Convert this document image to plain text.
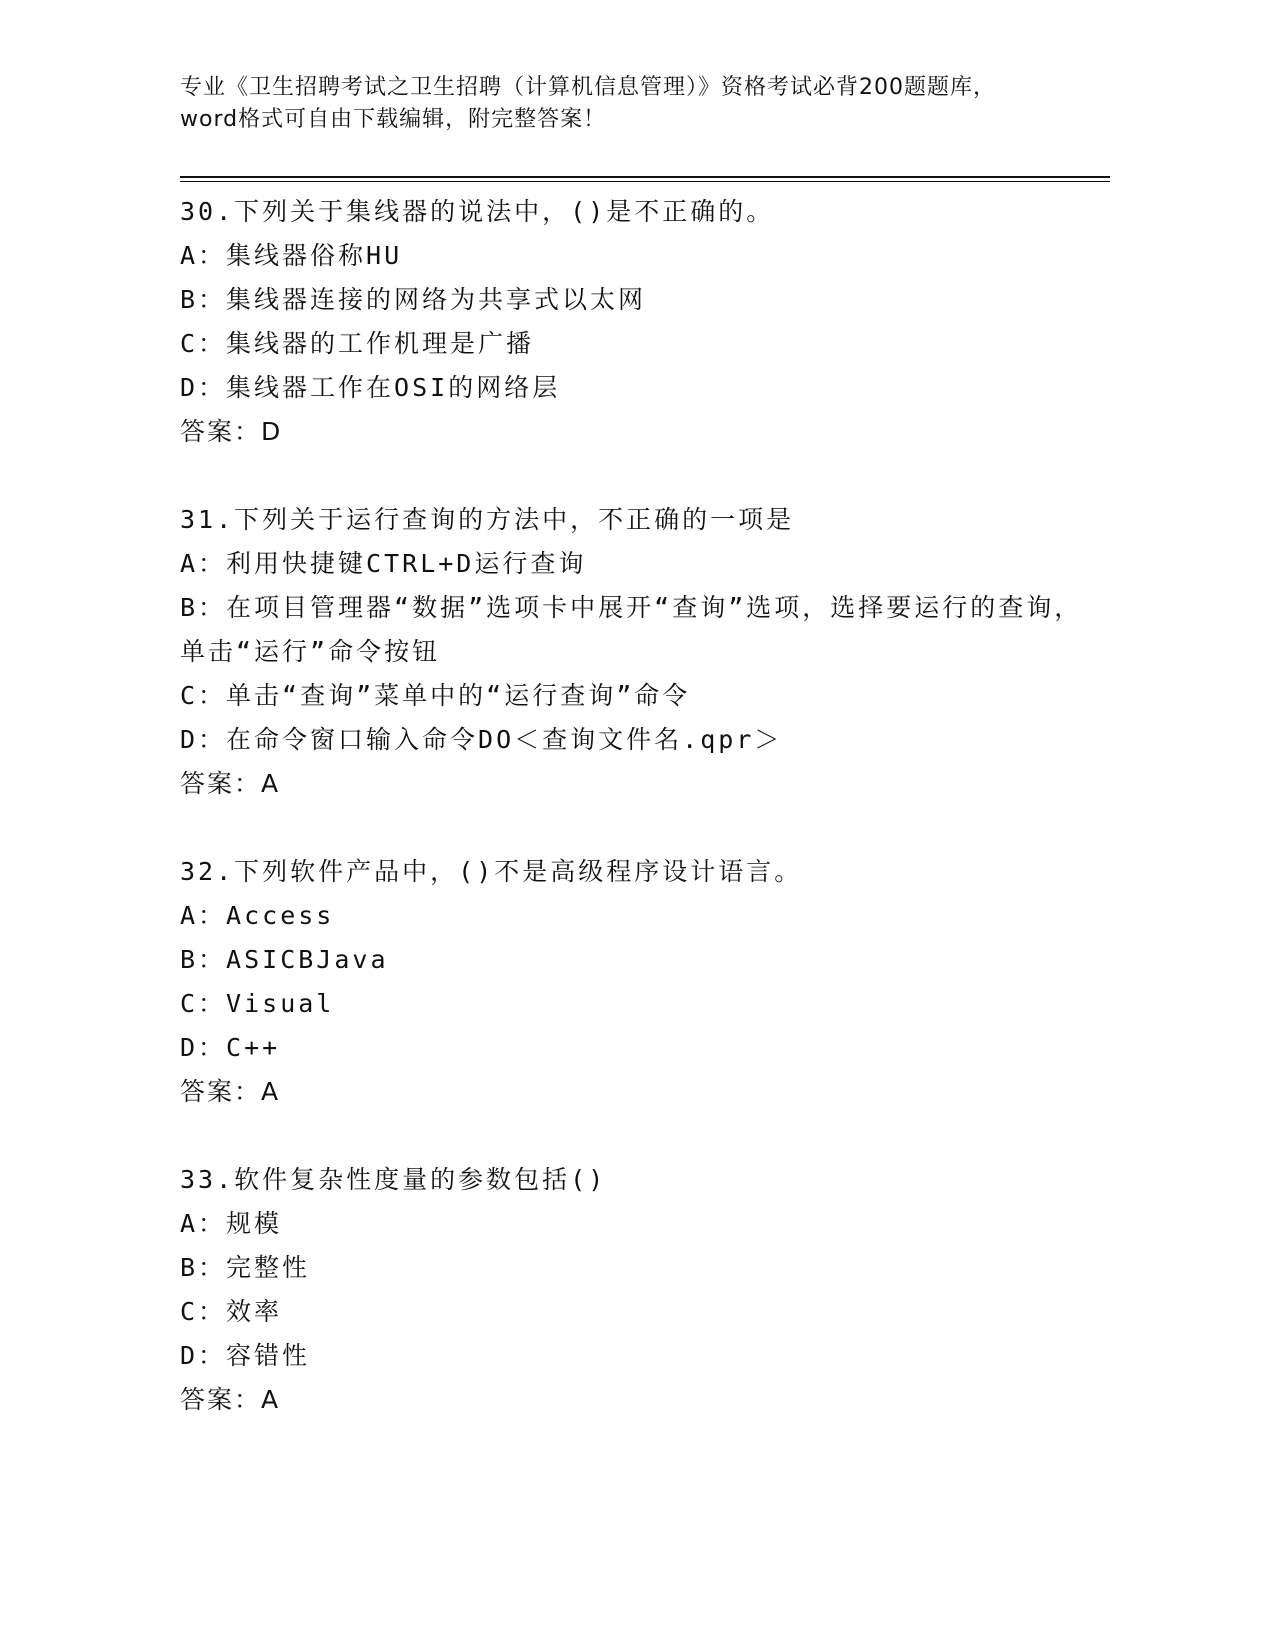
专业《卫生招聘考试之卫生招聘（计算机信息管理）》资格考试必背200题题库，

word格式可自由下载编辑，附完整答案！

30.下列关于集线器的说法中，()是不正确的。

A：集线器俗称HU

B：集线器连接的网络为共享式以太网

C：集线器的工作机理是广播

D：集线器工作在OSI的网络层

答案：D

31.下列关于运行查询的方法中，不正确的一项是

A：利用快捷键CTRL+D运行查询

B：在项目管理器“数据”选项卡中展开“查询”选项，选择要运行的查询，单击“运行”命令按钮

C：单击“查询”菜单中的“运行查询”命令

D：在命令窗口输入命令DO＜查询文件名.qpr＞

答案：A

32.下列软件产品中，()不是高级程序设计语言。

A：Access

B：ASICBJava

C：Visual

D：C++

答案：A

33.软件复杂性度量的参数包括()

A：规模

B：完整性

C：效率

D：容错性

答案：A
